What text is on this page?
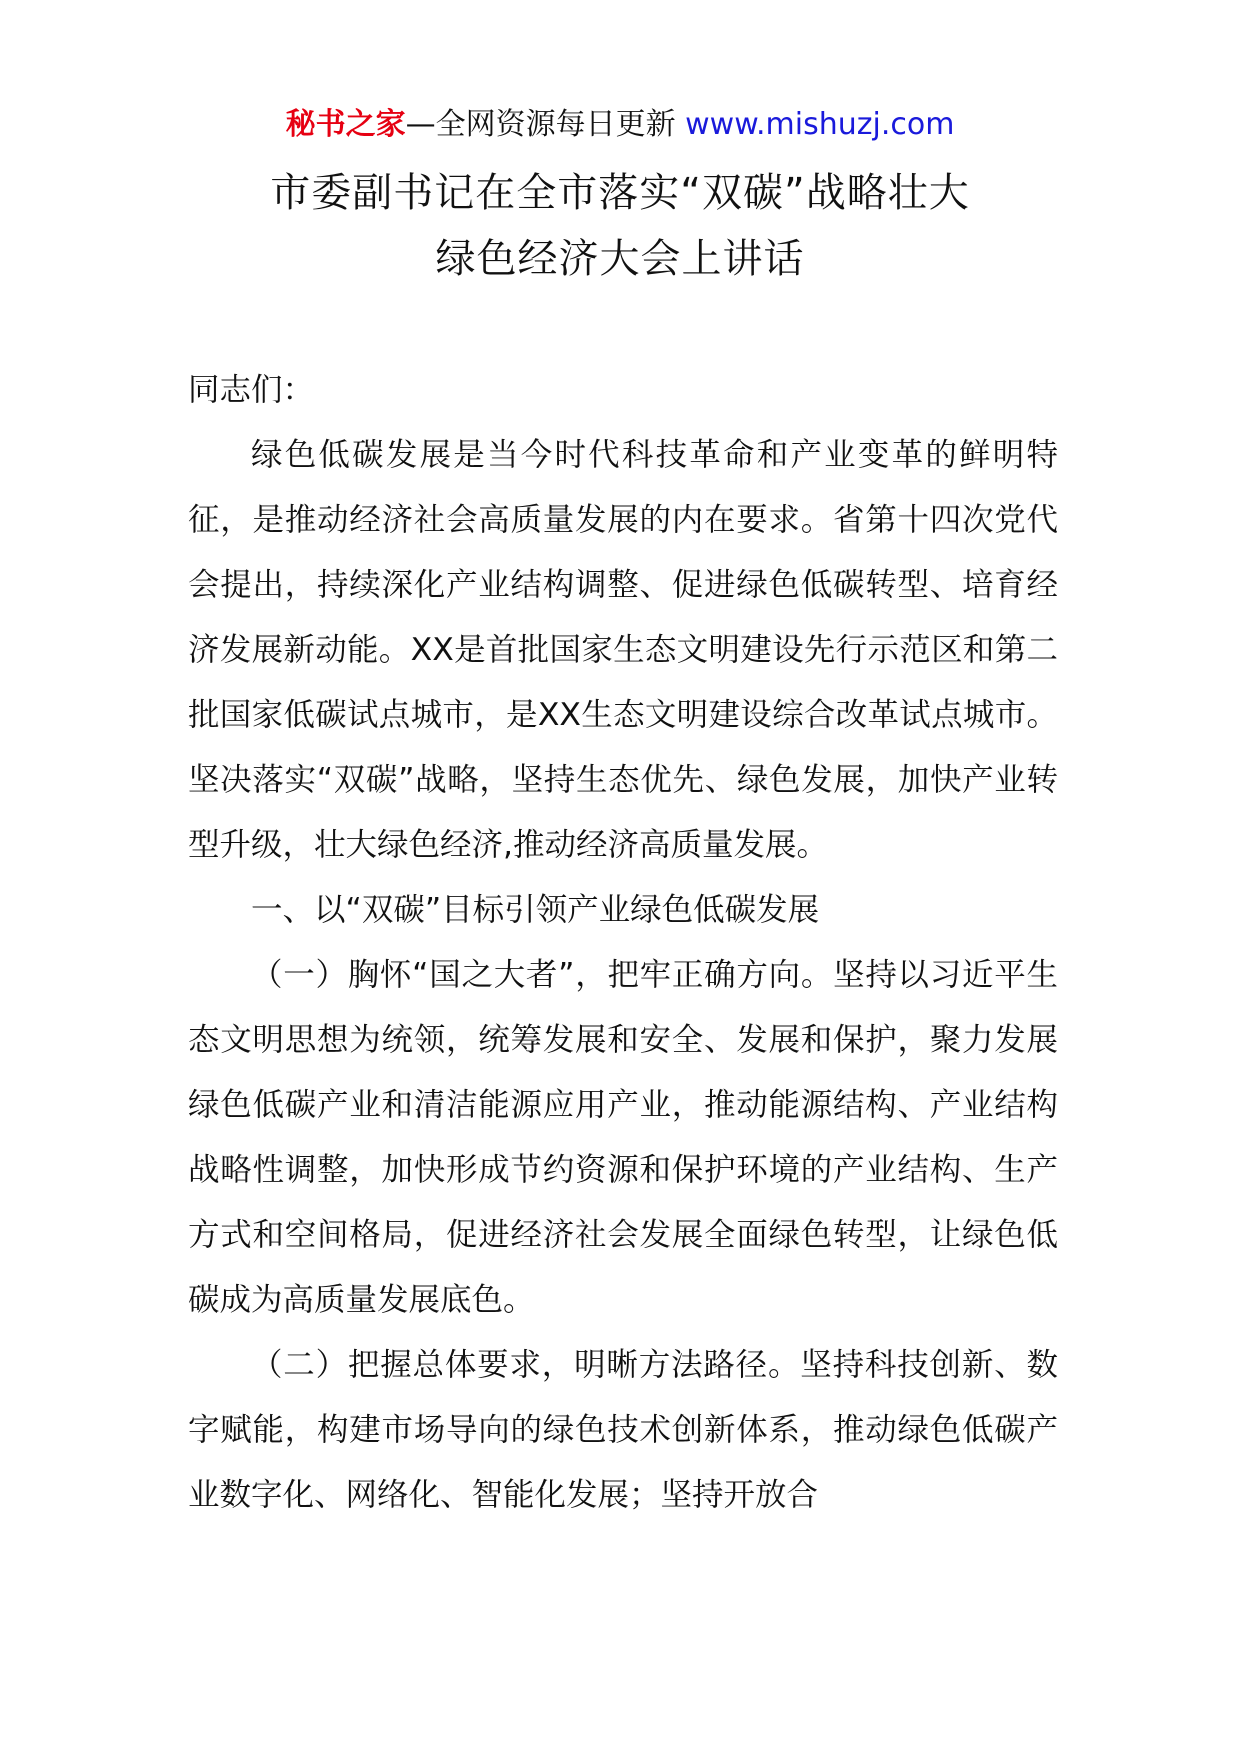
秘书之家—全网资源每日更新 www.mishuzj.com
市委副书记在全市落实“双碳”战略壮大
绿色经济大会上讲话

同志们：

绿色低碳发展是当今时代科技革命和产业变革的鲜明特征，是推动经济社会高质量发展的内在要求。省第十四次党代会提出，持续深化产业结构调整、促进绿色低碳转型、培育经济发展新动能。XX是首批国家生态文明建设先行示范区和第二批国家低碳试点城市，是XX生态文明建设综合改革试点城市。坚决落实“双碳”战略，坚持生态优先、绿色发展，加快产业转型升级，壮大绿色经济,推动经济高质量发展。

一、以“双碳”目标引领产业绿色低碳发展

（一）胸怀“国之大者”，把牢正确方向。坚持以习近平生态文明思想为统领，统筹发展和安全、发展和保护，聚力发展绿色低碳产业和清洁能源应用产业，推动能源结构、产业结构战略性调整，加快形成节约资源和保护环境的产业结构、生产方式和空间格局，促进经济社会发展全面绿色转型，让绿色低碳成为高质量发展底色。

（二）把握总体要求，明晰方法路径。坚持科技创新、数字赋能，构建市场导向的绿色技术创新体系，推动绿色低碳产业数字化、网络化、智能化发展；坚持开放合
